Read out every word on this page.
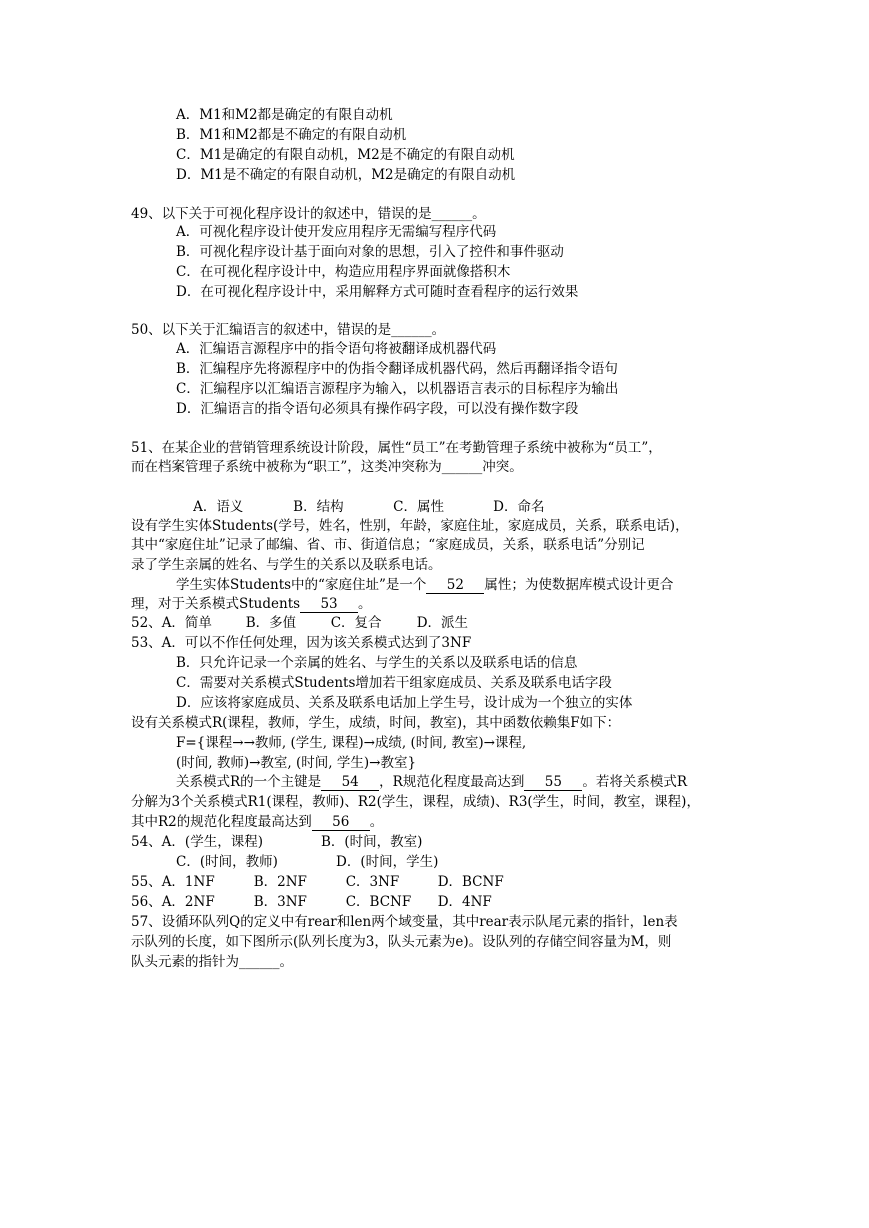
A．M1和M2都是确定的有限自动机
B．M1和M2都是不确定的有限自动机
C．M1是确定的有限自动机，M2是不确定的有限自动机
D．M1是不确定的有限自动机，M2是确定的有限自动机
49、以下关于可视化程序设计的叙述中，错误的是______。
A．可视化程序设计使开发应用程序无需编写程序代码
B．可视化程序设计基于面向对象的思想，引入了控件和事件驱动
C．在可视化程序设计中，构造应用程序界面就像搭积木
D．在可视化程序设计中，采用解释方式可随时查看程序的运行效果
50、以下关于汇编语言的叙述中，错误的是______。
A．汇编语言源程序中的指令语句将被翻译成机器代码
B．汇编程序先将源程序中的伪指令翻译成机器代码，然后再翻译指令语句
C．汇编程序以汇编语言源程序为输入，以机器语言表示的目标程序为输出
D．汇编语言的指令语句必须具有操作码字段，可以没有操作数字段
51、在某企业的营销管理系统设计阶段，属性“员工”在考勤管理子系统中被称为“员工”，
而在档案管理子系统中被称为“职工”，这类冲突称为______冲突。

A．语义	B．结构	C．属性	D．命名

设有学生实体Students(学号，姓名，性别，年龄，家庭住址，家庭成员，关系，联系电话)，
其中“家庭住址”记录了邮编、省、市、街道信息；“家庭成员，关系，联系电话”分别记
录了学生亲属的姓名、与学生的关系以及联系电话。
学生实体Students中的“家庭住址”是一个 52 属性；为使数据库模式设计更合
理，对于关系模式Students 53 。
52、A．简单	B．多值	C．复合	D．派生
53、A．可以不作任何处理，因为该关系模式达到了3NF
B．只允许记录一个亲属的姓名、与学生的关系以及联系电话的信息
C．需要对关系模式Students增加若干组家庭成员、关系及联系电话字段
D．应该将家庭成员、关系及联系电话加上学生号，设计成为一个独立的实体
设有关系模式R(课程，教师，学生，成绩，时间，教室)，其中函数依赖集F如下：
F={课程→→教师, (学生, 课程)→成绩, (时间, 教室)→课程,
(时间, 教师)→教室, (时间, 学生)→教室}
关系模式R的一个主键是 54 ，R规范化程度最高达到 55 。若将关系模式R
分解为3个关系模式R1(课程，教师)、R2(学生，课程，成绩)、R3(学生，时间，教室，课程)，
其中R2的规范化程度最高达到 56 。
54、A．(学生，课程)	B．(时间，教室)
C．(时间，教师)	D．(时间，学生)
55、A．1NF	B．2NF	C．3NF	D．BCNF
56、A．2NF	B．3NF	C．BCNF D．4NF
57、设循环队列Q的定义中有rear和len两个域变量，其中rear表示队尾元素的指针，len表
示队列的长度，如下图所示(队列长度为3，队头元素为e)。设队列的存储空间容量为M，则
队头元素的指针为______。
